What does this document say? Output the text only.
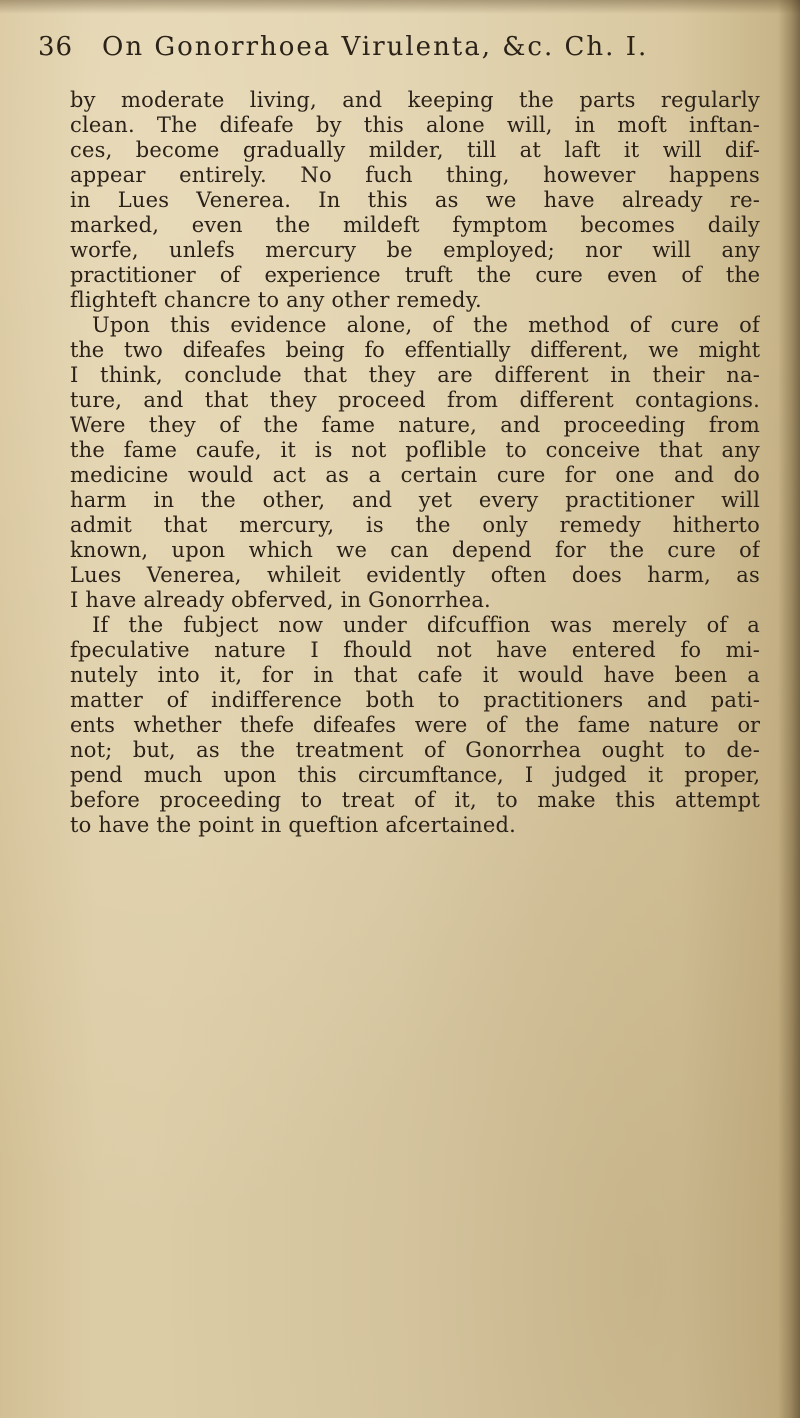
36 On Gonorrhoea Virulenta, &c. Ch. I.
by moderate living, and keeping the parts regularly
clean. The difeafe by this alone will, in moft inftan-
ces, become gradually milder, till at laft it will dif-
appear entirely. No fuch thing, however happens
in Lues Venerea. In this as we have already re-
marked, even the mildeft fymptom becomes daily
worfe, unlefs mercury be employed; nor will any
practitioner of experience truft the cure even of the
flighteft chancre to any other remedy.
Upon this evidence alone, of the method of cure of
the two difeafes being fo effentially different, we might
I think, conclude that they are different in their na-
ture, and that they proceed from different contagions.
Were they of the fame nature, and proceeding from
the fame caufe, it is not poflible to conceive that any
medicine would act as a certain cure for one and do
harm in the other, and yet every practitioner will
admit that mercury, is the only remedy hitherto
known, upon which we can depend for the cure of
Lues Venerea, whileit evidently often does harm, as
I have already obferved, in Gonorrhea.
If the fubject now under difcuffion was merely of a
fpeculative nature I fhould not have entered fo mi-
nutely into it, for in that cafe it would have been a
matter of indifference both to practitioners and pati-
ents whether thefe difeafes were of the fame nature or
not; but, as the treatment of Gonorrhea ought to de-
pend much upon this circumftance, I judged it proper,
before proceeding to treat of it, to make this attempt
to have the point in queftion afcertained.
